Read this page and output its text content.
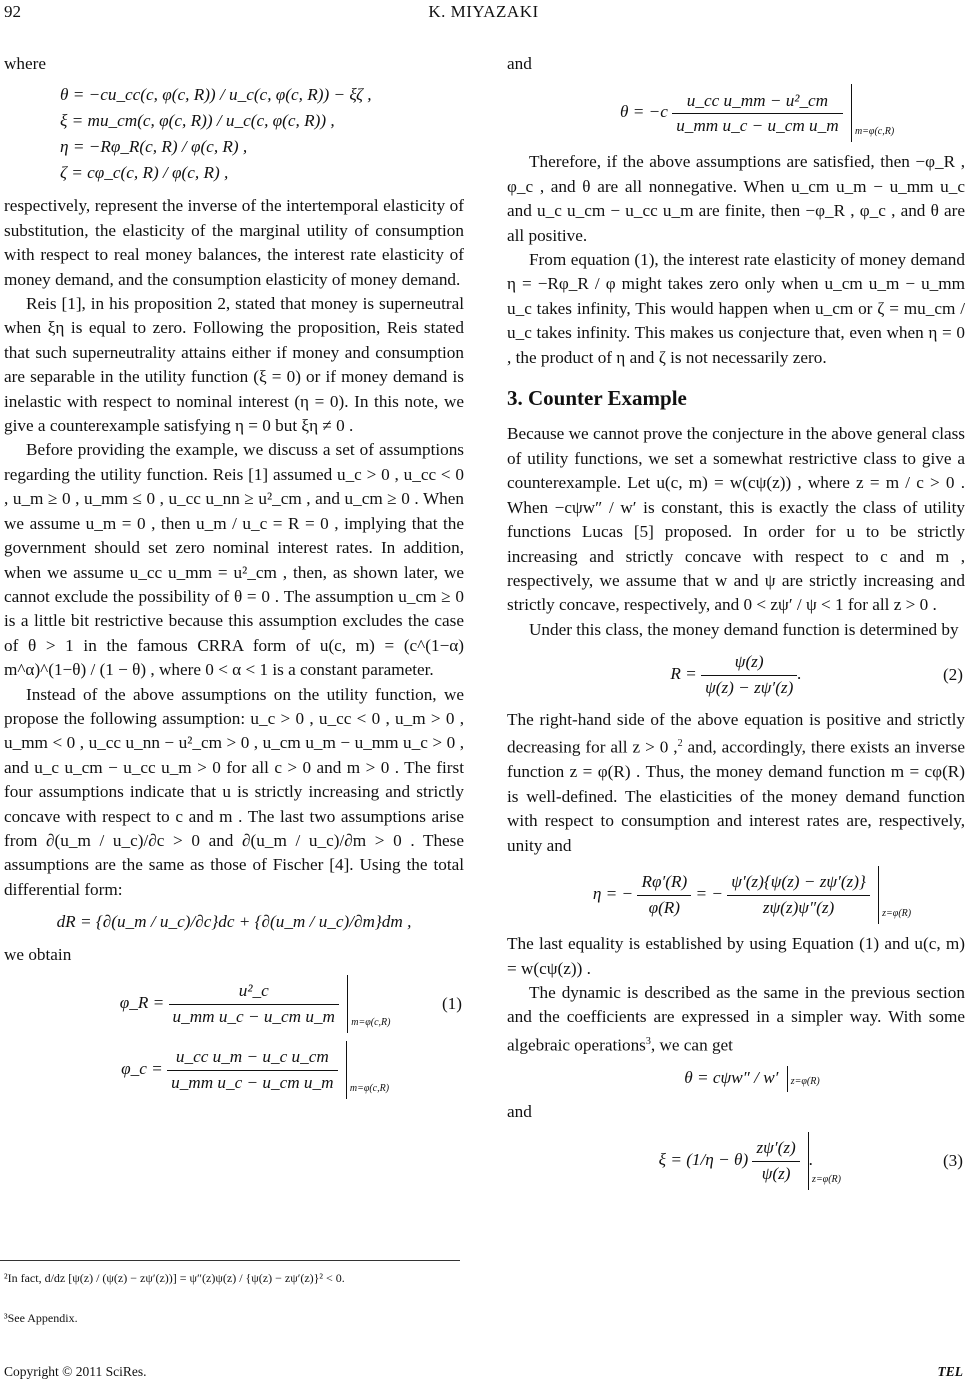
92	K. MIYAZAKI

where

θ = −cu_cc(c, φ(c, R)) / u_c(c, φ(c, R)) − ξζ ,
ξ = mu_cm(c, φ(c, R)) / u_c(c, φ(c, R)) ,
η = −Rφ_R(c, R) / φ(c, R) ,
ζ = cφ_c(c, R) / φ(c, R) ,

respectively, represent the inverse of the intertemporal elasticity of substitution, the elasticity of the marginal utility of consumption with respect to real money balances, the interest rate elasticity of money demand, and the consumption elasticity of money demand.

Reis [1], in his proposition 2, stated that money is superneutral when ξη is equal to zero. Following the proposition, Reis stated that such superneutrality attains either if money and consumption are separable in the utility function (ξ = 0) or if money demand is inelastic with respect to nominal interest (η = 0). In this note, we give a counterexample satisfying η = 0 but ξη ≠ 0 .

Before providing the example, we discuss a set of assumptions regarding the utility function. Reis [1] assumed u_c > 0 , u_cc < 0 , u_m ≥ 0 , u_mm ≤ 0 , u_cc u_nn ≥ u²_cm , and u_cm ≥ 0 . When we assume u_m = 0 , then u_m / u_c = R = 0 , implying that the government should set zero nominal interest rates. In addition, when we assume u_cc u_mm = u²_cm , then, as shown later, we cannot exclude the possibility of θ = 0 . The assumption u_cm ≥ 0 is a little bit restrictive because this assumption excludes the case of θ > 1 in the famous CRRA form of u(c, m) = (c^(1−α) m^α)^(1−θ) / (1 − θ) , where 0 < α < 1 is a constant parameter.

Instead of the above assumptions on the utility function, we propose the following assumption: u_c > 0 , u_cc < 0 , u_m > 0 , u_mm < 0 , u_cc u_nn − u²_cm > 0 , u_cm u_m − u_mm u_c > 0 , and u_c u_cm − u_cc u_m > 0 for all c > 0 and m > 0 . The first four assumptions indicate that u is strictly increasing and strictly concave with respect to c and m . The last two assumptions arise from ∂(u_m / u_c)/∂c > 0 and ∂(u_m / u_c)/∂m > 0 . These assumptions are the same as those of Fischer [4]. Using the total differential form:

dR = {∂(u_m / u_c)/∂c}dc + {∂(u_m / u_c)/∂m}dm ,

we obtain

φ_R = $\frac{\text{u²\_c}}{\text{u\_mm u\_c − u\_cm u\_m}}$
m=φ(c,R)
(1)
φ_c = $\frac{\text{u\_cc u\_m − u\_c u\_cm}}{\text{u\_mm u\_c − u\_cm u\_m}}$
m=φ(c,R)
²In fact, d/dz [ψ(z) / (ψ(z) − zψ′(z))] = ψ″(z)ψ(z) / {ψ(z) − zψ′(z)}² < 0.
³See Appendix.

and

$\theta = -c \frac{\text{u\_cc u\_mm − u²\_cm}}{\text{u\_mm u\_c − u\_cm u\_m}}$
m=φ(c,R)

Therefore, if the above assumptions are satisfied, then −φ_R , φ_c , and θ are all nonnegative. When u_cm u_m − u_mm u_c and u_c u_cm − u_cc u_m are finite, then −φ_R , φ_c , and θ are all positive.

From equation (1), the interest rate elasticity of money demand η = −Rφ_R / φ might takes zero only when u_cm u_m − u_mm u_c takes infinity, This would happen when u_cm or ζ = mu_cm / u_c takes infinity. This makes us conjecture that, even when η = 0 , the product of η and ζ is not necessarily zero.

3. Counter Example

Because we cannot prove the conjecture in the above general class of utility functions, we set a somewhat restrictive class to give a counterexample. Let u(c, m) = w(cψ(z)) , where z = m / c > 0 . When −cψw″ / w′ is constant, this is exactly the class of utility functions Lucas [5] proposed. In order for u to be strictly increasing and strictly concave with respect to c and m , respectively, we assume that w and ψ are strictly increasing and strictly concave, respectively, and 0 < zψ′ / ψ < 1 for all z > 0 .

Under this class, the money demand function is determined by

$R = \frac{\psi(z)}{\psi(z) - z\psi'(z)}$ .	(2)

The right-hand side of the above equation is positive and strictly decreasing for all z > 0 ,$^2$ and, accordingly, there exists an inverse function z = φ(R) . Thus, the money demand function m = cφ(R) is well-defined. The elasticities of the money demand function with respect to consumption and interest rates are, respectively, unity and

η = − $\frac{R\varphi'(R)}{\varphi(R)}$ = − $\frac{\psi'(z)\{\psi(z) - z\psi'(z)\}}{z\psi(z)\psi''(z)}$
z=φ(R)

The last equality is established by using Equation (1) and u(c, m) = w(cψ(z)) .

The dynamic is described as the same in the previous section and the coefficients are expressed in a simpler way. With some algebraic operations$^3$, we can get

θ = cψw″ / w′ z=φ(R)

and

$\xi = (1/\eta - \theta) \frac{z\psi'(z)}{\psi(z)}$
z=φ(R)
.	(3)
Copyright © 2011 SciRes.	TEL
